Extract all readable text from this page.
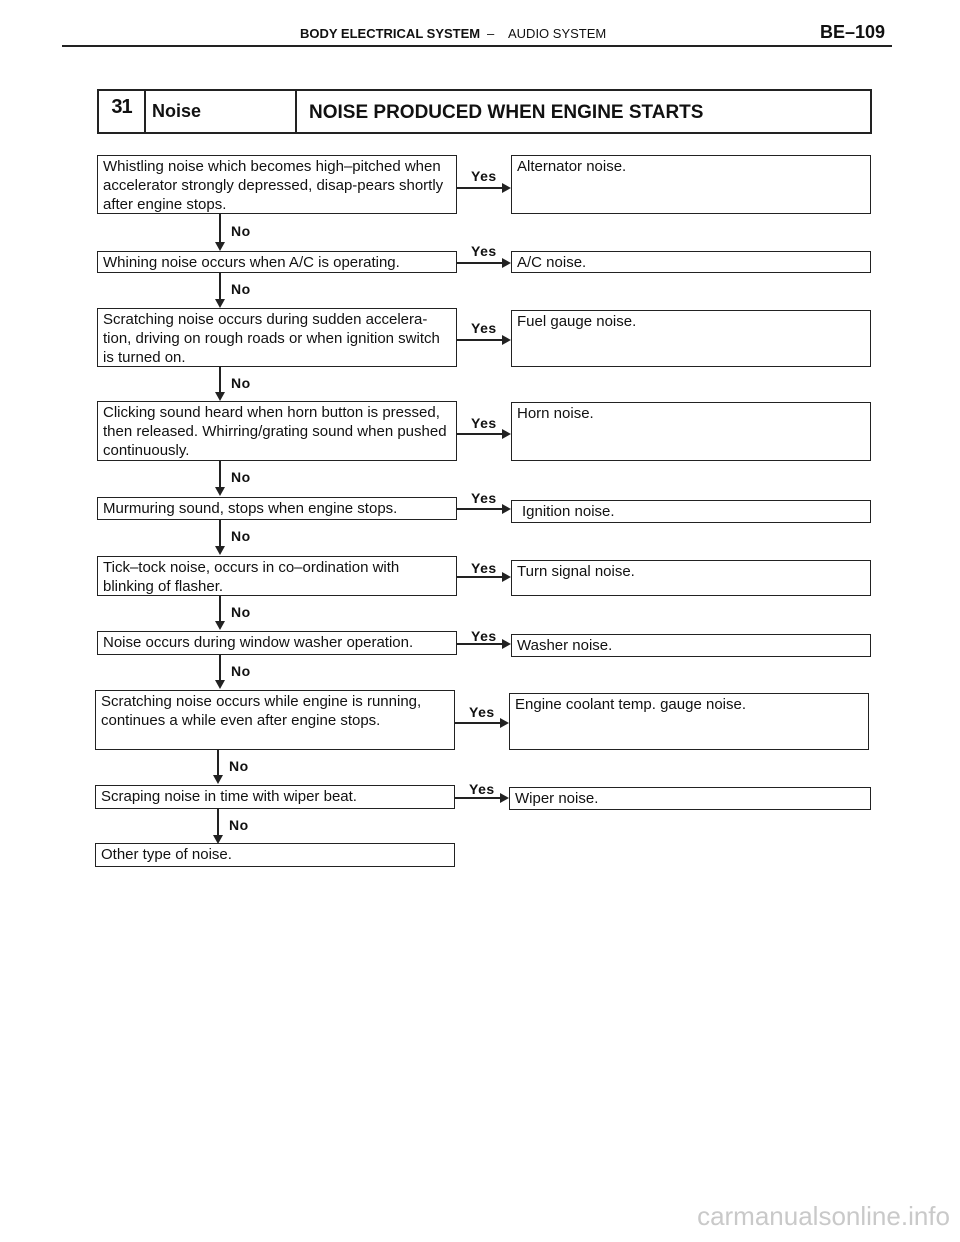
BODY ELECTRICAL SYSTEM – AUDIO SYSTEM	BE–109
31	Noise	NOISE PRODUCED WHEN ENGINE STARTS
Whistling noise which becomes high–pitched when accelerator strongly depressed, disap-pears shortly after engine stops.
Yes
Alternator noise.
No
Whining noise occurs when A/C is operating.
Yes
A/C noise.
No
Scratching noise occurs during sudden accelera-tion, driving on rough roads or when ignition switch is turned on.
Yes	Fuel gauge noise.
No
Clicking sound heard when horn button is pressed, then released. Whirring/grating sound when pushed continuously.
Yes
Horn noise.
No
Murmuring sound, stops when engine stops.
Yes
Ignition noise.
No
Tick–tock noise, occurs in co–ordination with blinking of flasher.
Yes	Turn signal noise.
No
Noise occurs during window washer operation.	Yes
Washer noise.
No
Scratching noise occurs while engine is running, continues a while even after engine stops.	Yes	Engine coolant temp. gauge noise.
No
Scraping noise in time with wiper beat.	Yes
Wiper noise.
No
Other type of noise.
carmanualsonline.info
